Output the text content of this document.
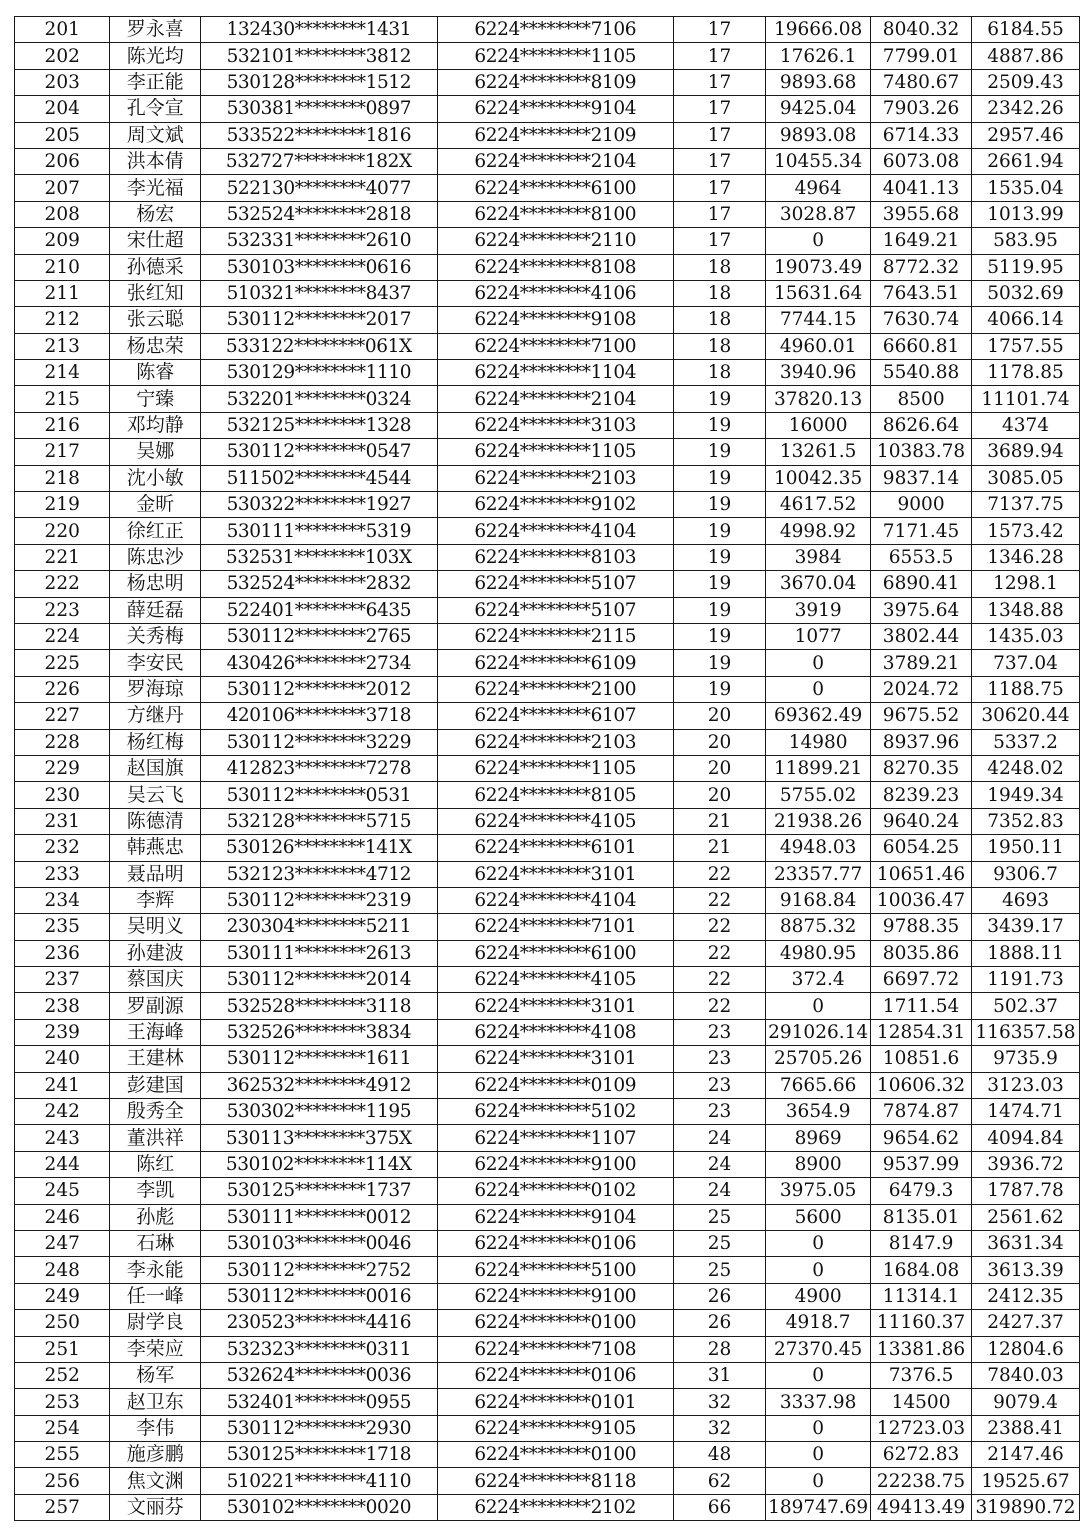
201	罗永喜	132430********1431	6224********7106	17	19666.08	8040.32	6184.55
202	陈光均	532101********3812	6224********1105	17	17626.1	7799.01	4887.86
203	李正能	530128********1512	6224********8109	17	9893.68	7480.67	2509.43
204	孔令宣	530381********0897	6224********9104	17	9425.04	7903.26	2342.26
205	周文斌	533522********1816	6224********2109	17	9893.08	6714.33	2957.46
206	洪本倩	532727********182X	6224********2104	17	10455.34	6073.08	2661.94
207	李光福	522130********4077	6224********6100	17	4964	4041.13	1535.04
208	杨宏	532524********2818	6224********8100	17	3028.87	3955.68	1013.99
209	宋仕超	532331********2610	6224********2110	17	0	1649.21	583.95
210	孙德采	530103********0616	6224********8108	18	19073.49	8772.32	5119.95
211	张红知	510321********8437	6224********4106	18	15631.64	7643.51	5032.69
212	张云聪	530112********2017	6224********9108	18	7744.15	7630.74	4066.14
213	杨忠荣	533122********061X	6224********7100	18	4960.01	6660.81	1757.55
214	陈睿	530129********1110	6224********1104	18	3940.96	5540.88	1178.85
215	宁臻	532201********0324	6224********2104	19	37820.13	8500	11101.74
216	邓均静	532125********1328	6224********3103	19	16000	8626.64	4374
217	吴娜	530112********0547	6224********1105	19	13261.5	10383.78	3689.94
218	沈小敏	511502********4544	6224********2103	19	10042.35	9837.14	3085.05
219	金昕	530322********1927	6224********9102	19	4617.52	9000	7137.75
220	徐红正	530111********5319	6224********4104	19	4998.92	7171.45	1573.42
221	陈忠沙	532531********103X	6224********8103	19	3984	6553.5	1346.28
222	杨忠明	532524********2832	6224********5107	19	3670.04	6890.41	1298.1
223	薛廷磊	522401********6435	6224********5107	19	3919	3975.64	1348.88
224	关秀梅	530112********2765	6224********2115	19	1077	3802.44	1435.03
225	李安民	430426********2734	6224********6109	19	0	3789.21	737.04
226	罗海琼	530112********2012	6224********2100	19	0	2024.72	1188.75
227	方继丹	420106********3718	6224********6107	20	69362.49	9675.52	30620.44
228	杨红梅	530112********3229	6224********2103	20	14980	8937.96	5337.2
229	赵国旗	412823********7278	6224********1105	20	11899.21	8270.35	4248.02
230	吴云飞	530112********0531	6224********8105	20	5755.02	8239.23	1949.34
231	陈德清	532128********5715	6224********4105	21	21938.26	9640.24	7352.83
232	韩燕忠	530126********141X	6224********6101	21	4948.03	6054.25	1950.11
233	聂品明	532123********4712	6224********3101	22	23357.77	10651.46	9306.7
234	李辉	530112********2319	6224********4104	22	9168.84	10036.47	4693
235	吴明义	230304********5211	6224********7101	22	8875.32	9788.35	3439.17
236	孙建波	530111********2613	6224********6100	22	4980.95	8035.86	1888.11
237	蔡国庆	530112********2014	6224********4105	22	372.4	6697.72	1191.73
238	罗副源	532528********3118	6224********3101	22	0	1711.54	502.37
239	王海峰	532526********3834	6224********4108	23	291026.14	12854.31	116357.58
240	王建林	530112********1611	6224********3101	23	25705.26	10851.6	9735.9
241	彭建国	362532********4912	6224********0109	23	7665.66	10606.32	3123.03
242	殷秀全	530302********1195	6224********5102	23	3654.9	7874.87	1474.71
243	董洪祥	530113********375X	6224********1107	24	8969	9654.62	4094.84
244	陈红	530102********114X	6224********9100	24	8900	9537.99	3936.72
245	李凯	530125********1737	6224********0102	24	3975.05	6479.3	1787.78
246	孙彪	530111********0012	6224********9104	25	5600	8135.01	2561.62
247	石琳	530103********0046	6224********0106	25	0	8147.9	3631.34
248	李永能	530112********2752	6224********5100	25	0	1684.08	3613.39
249	任一峰	530112********0016	6224********9100	26	4900	11314.1	2412.35
250	尉学良	230523********4416	6224********0100	26	4918.7	11160.37	2427.37
251	李荣应	532323********0311	6224********7108	28	27370.45	13381.86	12804.6
252	杨军	532624********0036	6224********0106	31	0	7376.5	7840.03
253	赵卫东	532401********0955	6224********0101	32	3337.98	14500	9079.4
254	李伟	530112********2930	6224********9105	32	0	12723.03	2388.41
255	施彦鹏	530125********1718	6224********0100	48	0	6272.83	2147.46
256	焦文渊	510221********4110	6224********8118	62	0	22238.75	19525.67
257	文丽芬	530102********0020	6224********2102	66	189747.69	49413.49	319890.72
